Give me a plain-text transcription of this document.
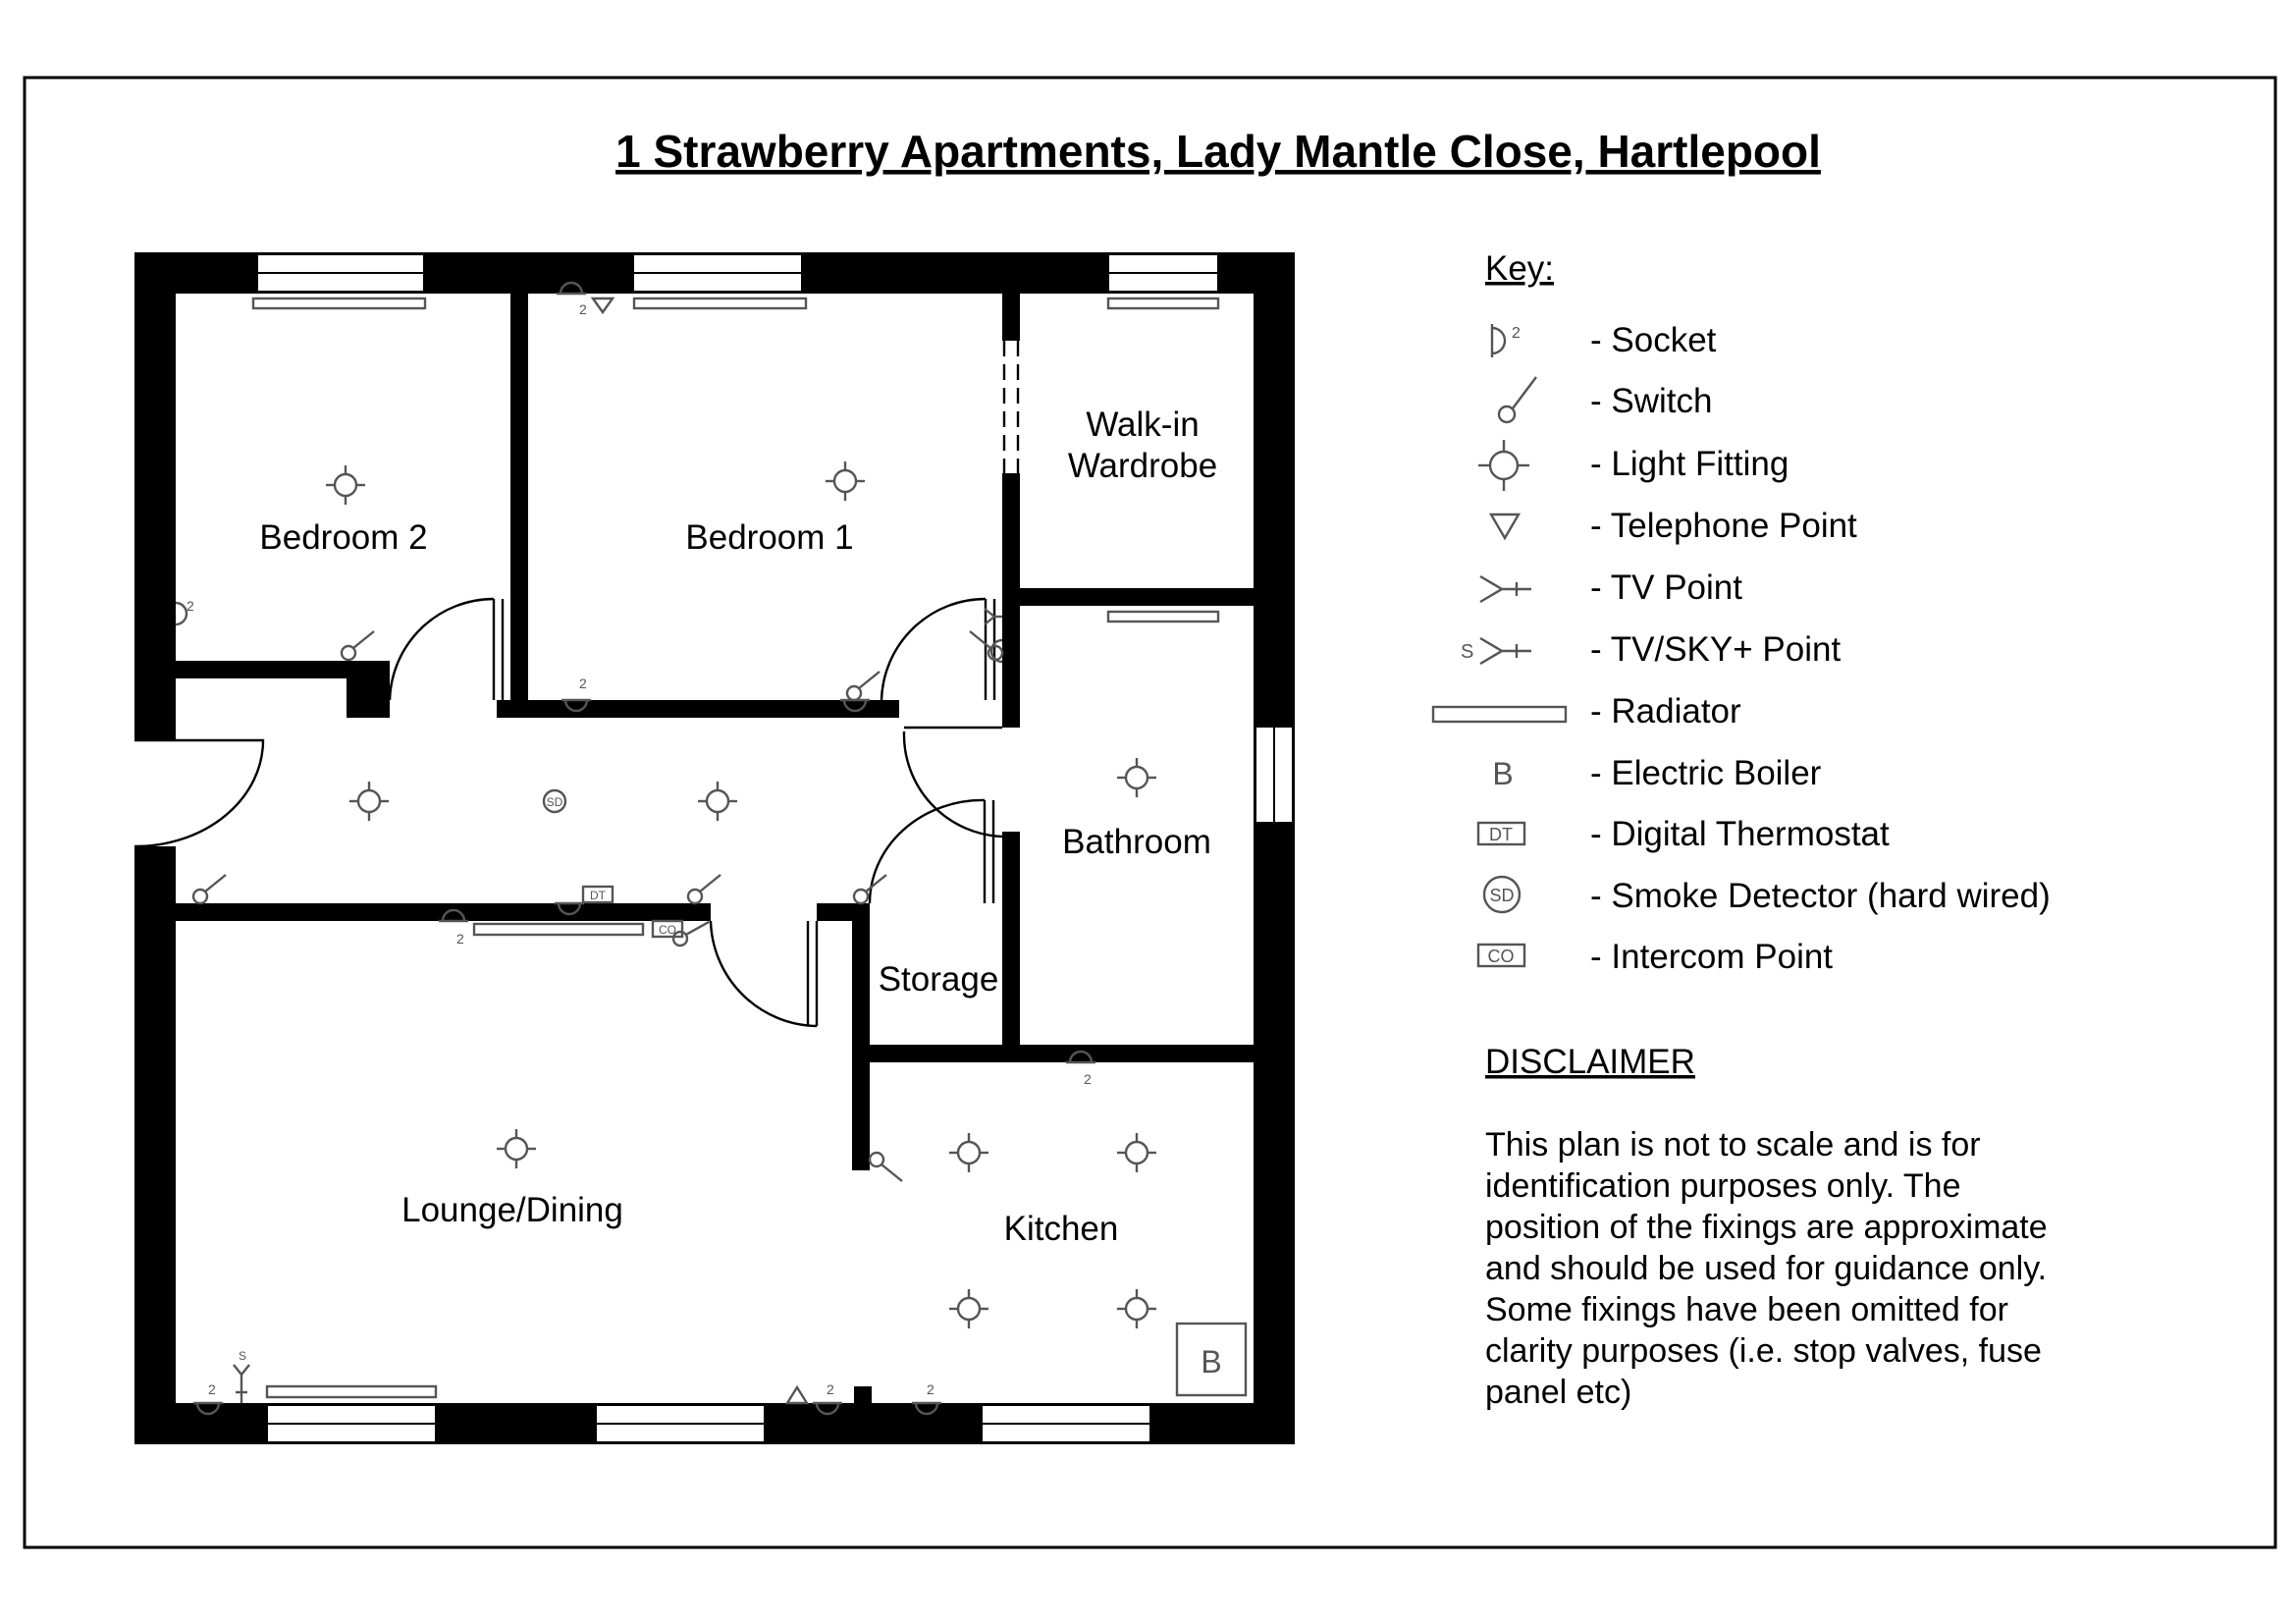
1 Strawberry Apartments, Lady Mantle Close, Hartlepool
2
2
2
2
2	2	2
2
S
SD
DT
CO
B
Bedroom 2	Bedroom 1
Walk-in
Wardrobe
Bathroom
Storage
Lounge/Dining	Kitchen
Key:
2 - Socket
- Switch
- Light Fitting
- Telephone Point
- TV Point
S	- TV/SKY+ Point
- Radiator
B - Electric Boiler
DT - Digital Thermostat
SD - Smoke Detector (hard wired)
CO - Intercom Point
DISCLAIMER
This plan is not to scale and is for
identification purposes only. The
position of the fixings are approximate
and should be used for guidance only.
Some fixings have been omitted for
clarity purposes (i.e. stop valves, fuse
panel etc)
